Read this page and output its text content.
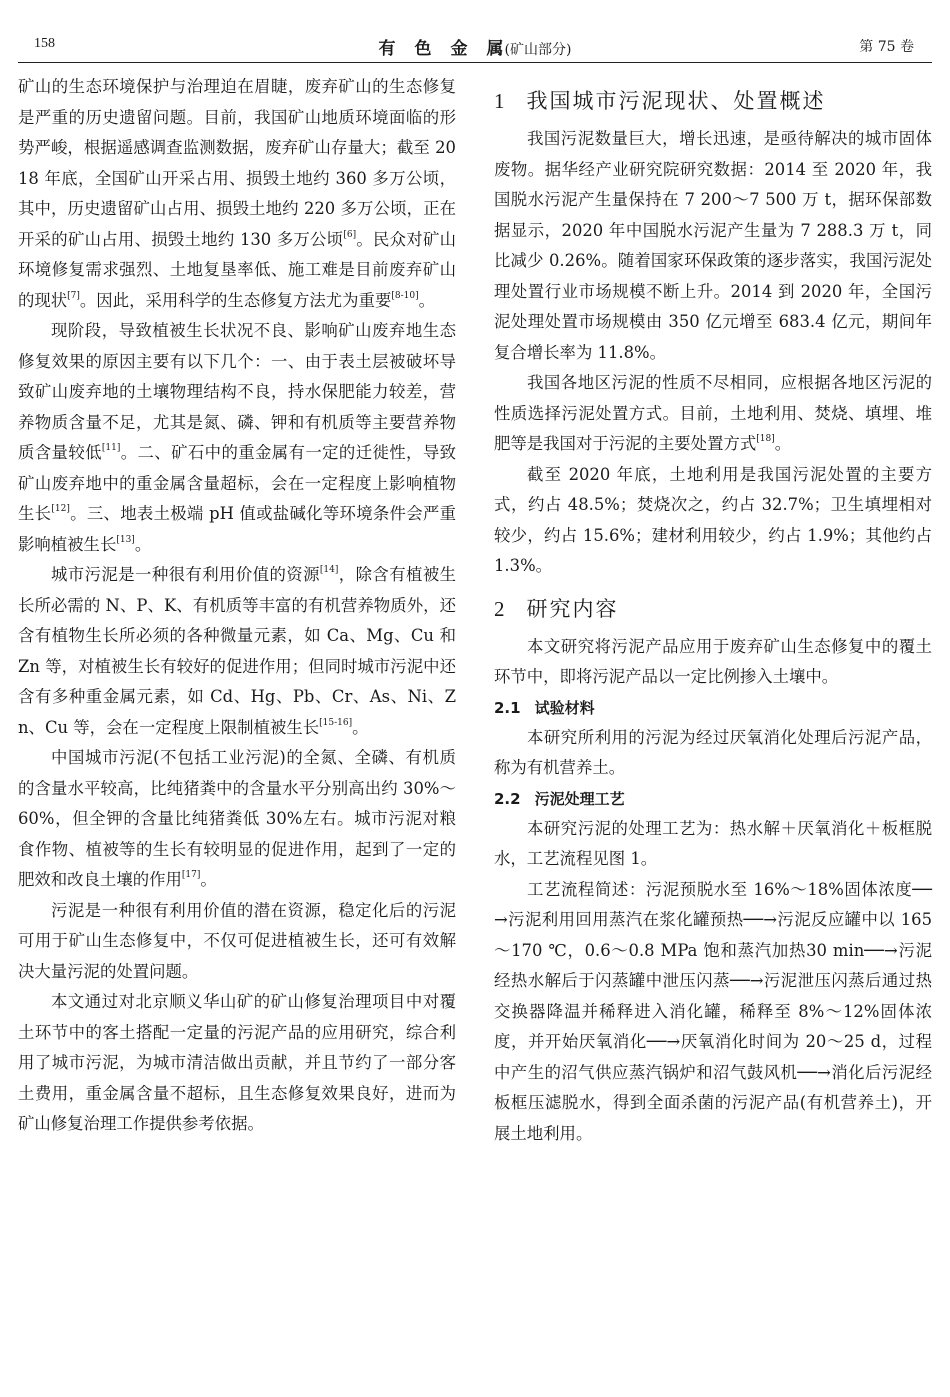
158	有　色　金　属(矿山部分)	第 75 卷

矿山的生态环境保护与治理迫在眉睫，废弃矿山的生态修复是严重的历史遗留问题。目前，我国矿山地质环境面临的形势严峻，根据遥感调查监测数据，废弃矿山存量大；截至 2018 年底，全国矿山开采占用、损毁土地约 360 多万公顷，其中，历史遗留矿山占用、损毁土地约 220 多万公顷，正在开采的矿山占用、损毁土地约 130 多万公顷[6]。民众对矿山环境修复需求强烈、土地复垦率低、施工难是目前废弃矿山的现状[7]。因此，采用科学的生态修复方法尤为重要[8-10]。

现阶段，导致植被生长状况不良、影响矿山废弃地生态修复效果的原因主要有以下几个：一、由于表土层被破坏导致矿山废弃地的土壤物理结构不良，持水保肥能力较差，营养物质含量不足，尤其是氮、磷、钾和有机质等主要营养物质含量较低[11]。二、矿石中的重金属有一定的迁徙性，导致矿山废弃地中的重金属含量超标，会在一定程度上影响植物生长[12]。三、地表土极端 pH 值或盐碱化等环境条件会严重影响植被生长[13]。

城市污泥是一种很有利用价值的资源[14]，除含有植被生长所必需的 N、P、K、有机质等丰富的有机营养物质外，还含有植物生长所必须的各种微量元素，如 Ca、Mg、Cu 和 Zn 等，对植被生长有较好的促进作用；但同时城市污泥中还含有多种重金属元素，如 Cd、Hg、Pb、Cr、As、Ni、Zn、Cu 等，会在一定程度上限制植被生长[15-16]。

中国城市污泥(不包括工业污泥)的全氮、全磷、有机质的含量水平较高，比纯猪粪中的含量水平分别高出约 30%～60%，但全钾的含量比纯猪粪低 30%左右。城市污泥对粮食作物、植被等的生长有较明显的促进作用，起到了一定的肥效和改良土壤的作用[17]。

污泥是一种很有利用价值的潜在资源，稳定化后的污泥可用于矿山生态修复中，不仅可促进植被生长，还可有效解决大量污泥的处置问题。

本文通过对北京顺义华山矿的矿山修复治理项目中对覆土环节中的客土搭配一定量的污泥产品的应用研究，综合利用了城市污泥，为城市清洁做出贡献，并且节约了一部分客土费用，重金属含量不超标，且生态修复效果良好，进而为矿山修复治理工作提供参考依据。

1 我国城市污泥现状、处置概述

我国污泥数量巨大，增长迅速，是亟待解决的城市固体废物。据华经产业研究院研究数据：2014 至 2020 年，我国脱水污泥产生量保持在 7 200～7 500 万 t，据环保部数据显示，2020 年中国脱水污泥产生量为 7 288.3 万 t，同比减少 0.26%。随着国家环保政策的逐步落实，我国污泥处理处置行业市场规模不断上升。2014 到 2020 年，全国污泥处理处置市场规模由 350 亿元增至 683.4 亿元，期间年复合增长率为 11.8%。

我国各地区污泥的性质不尽相同，应根据各地区污泥的性质选择污泥处置方式。目前，土地利用、焚烧、填埋、堆肥等是我国对于污泥的主要处置方式[18]。

截至 2020 年底，土地利用是我国污泥处置的主要方式，约占 48.5%；焚烧次之，约占 32.7%；卫生填埋相对较少，约占 15.6%；建材利用较少，约占 1.9%；其他约占 1.3%。

2 研究内容

本文研究将污泥产品应用于废弃矿山生态修复中的覆土环节中，即将污泥产品以一定比例掺入土壤中。

2.1 试验材料

本研究所利用的污泥为经过厌氧消化处理后污泥产品，称为有机营养土。

2.2 污泥处理工艺

本研究污泥的处理工艺为：热水解＋厌氧消化＋板框脱水，工艺流程见图 1。

工艺流程简述：污泥预脱水至 16%～18%固体浓度──→污泥利用回用蒸汽在浆化罐预热──→污泥反应罐中以 165～170 ℃，0.6～0.8 MPa 饱和蒸汽加热30 min──→污泥经热水解后于闪蒸罐中泄压闪蒸──→污泥泄压闪蒸后通过热交换器降温并稀释进入消化罐，稀释至 8%～12%固体浓度，并开始厌氧消化──→厌氧消化时间为 20～25 d，过程中产生的沼气供应蒸汽锅炉和沼气鼓风机──→消化后污泥经板框压滤脱水，得到全面杀菌的污泥产品(有机营养土)，开展土地利用。
